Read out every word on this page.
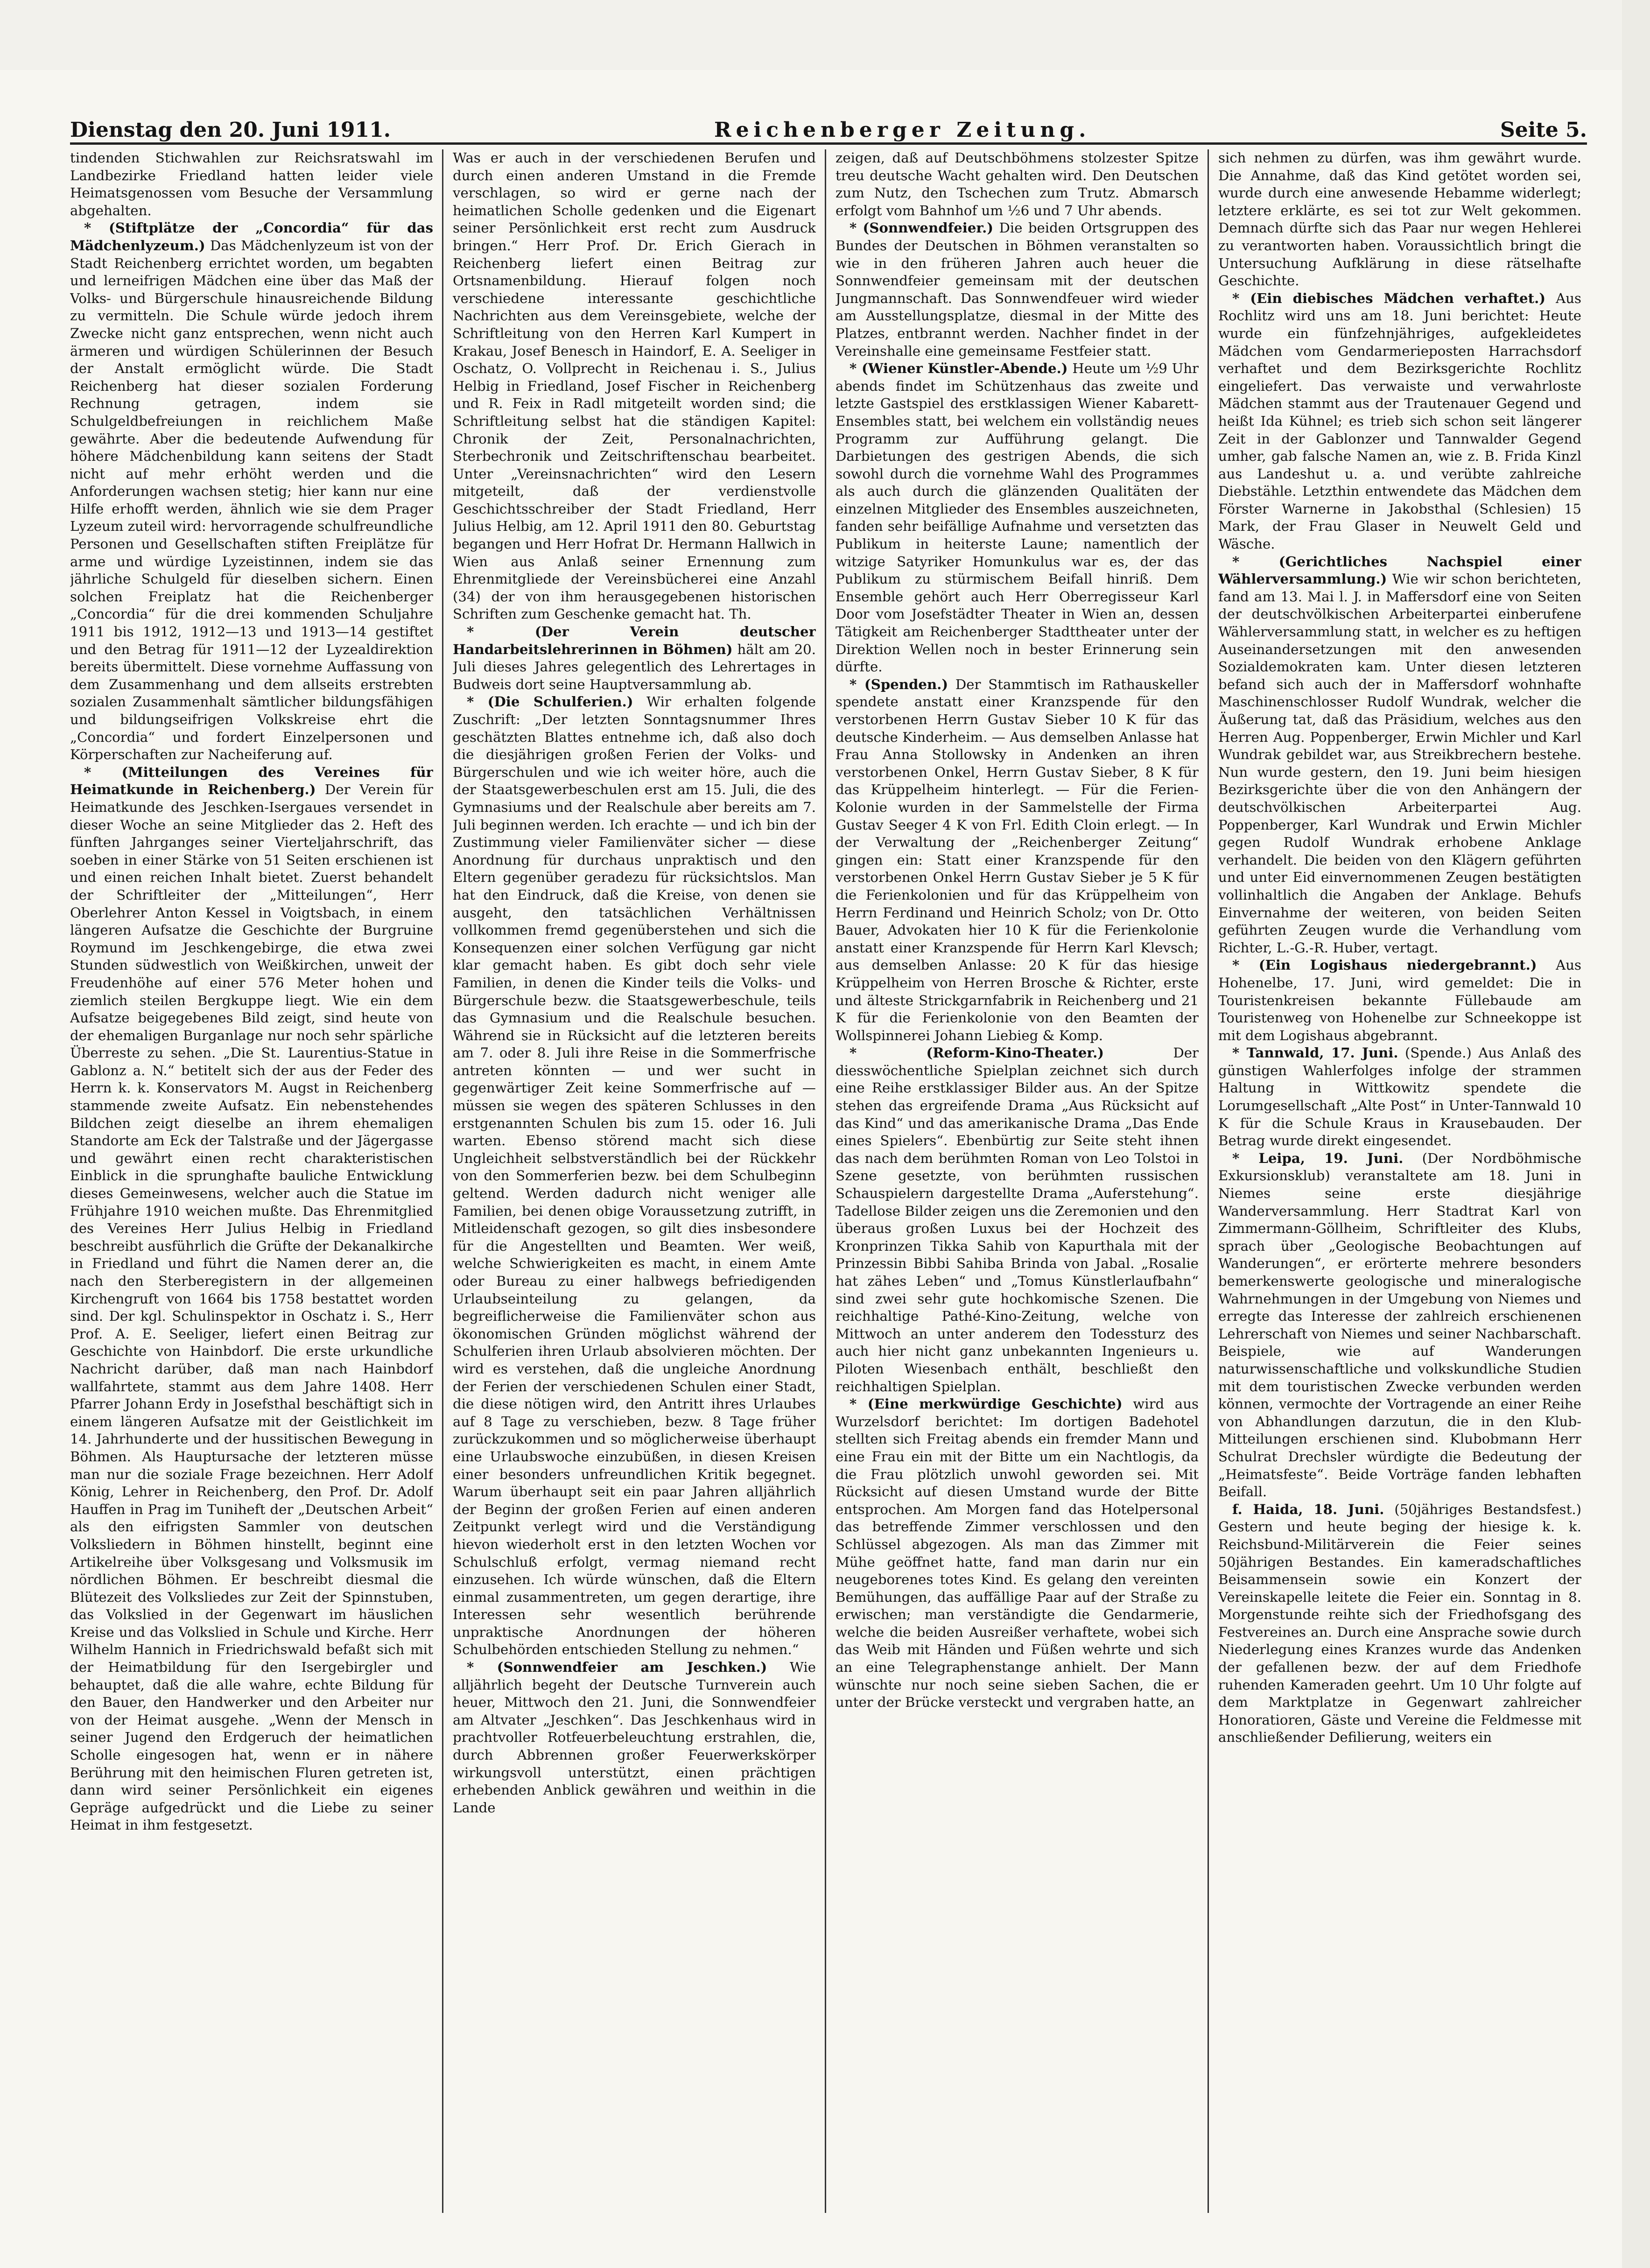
Dienstag den 20. Juni 1911.	Reichenberger Zeitung.	Seite 5.

tindenden Stichwahlen zur Reichsratswahl im Landbezirke Friedland hatten leider viele Heimatsgenossen vom Besuche der Versammlung abgehalten.

* (Stiftplätze der „Concordia“ für das Mädchenlyzeum.) Das Mädchenlyzeum ist von der Stadt Reichenberg errichtet worden, um begabten und lerneifrigen Mädchen eine über das Maß der Volks- und Bürgerschule hinausreichende Bildung zu vermitteln. Die Schule würde jedoch ihrem Zwecke nicht ganz entsprechen, wenn nicht auch ärmeren und würdigen Schülerinnen der Besuch der Anstalt ermöglicht würde. Die Stadt Reichenberg hat dieser sozialen Forderung Rechnung getragen, indem sie Schulgeldbefreiungen in reichlichem Maße gewährte. Aber die bedeutende Aufwendung für höhere Mädchenbildung kann seitens der Stadt nicht auf mehr erhöht werden und die Anforderungen wachsen stetig; hier kann nur eine Hilfe erhofft werden, ähnlich wie sie dem Prager Lyzeum zuteil wird: hervorragende schulfreundliche Personen und Gesellschaften stiften Freiplätze für arme und würdige Lyzeistinnen, indem sie das jährliche Schulgeld für dieselben sichern. Einen solchen Freiplatz hat die Reichenberger „Concordia“ für die drei kommenden Schuljahre 1911 bis 1912, 1912—13 und 1913—14 gestiftet und den Betrag für 1911—12 der Lyzealdirektion bereits übermittelt. Diese vornehme Auffassung von dem Zusammenhang und dem allseits erstrebten sozialen Zusammenhalt sämtlicher bildungsfähigen und bildungseifrigen Volkskreise ehrt die „Concordia“ und fordert Einzelpersonen und Körperschaften zur Nacheiferung auf.

* (Mitteilungen des Vereines für Heimatkunde in Reichenberg.) Der Verein für Heimatkunde des Jeschken-Isergaues versendet in dieser Woche an seine Mitglieder das 2. Heft des fünften Jahrganges seiner Vierteljahrschrift, das soeben in einer Stärke von 51 Seiten erschienen ist und einen reichen Inhalt bietet. Zuerst behandelt der Schriftleiter der „Mitteilungen“, Herr Oberlehrer Anton Kessel in Voigtsbach, in einem längeren Aufsatze die Geschichte der Burgruine Roymund im Jeschkengebirge, die etwa zwei Stunden südwestlich von Weißkirchen, unweit der Freudenhöhe auf einer 576 Meter hohen und ziemlich steilen Bergkuppe liegt. Wie ein dem Aufsatze beigegebenes Bild zeigt, sind heute von der ehemaligen Burganlage nur noch sehr spärliche Überreste zu sehen. „Die St. Laurentius-Statue in Gablonz a. N.“ betitelt sich der aus der Feder des Herrn k. k. Konservators M. Augst in Reichenberg stammende zweite Aufsatz. Ein nebenstehendes Bildchen zeigt dieselbe an ihrem ehemaligen Standorte am Eck der Talstraße und der Jägergasse und gewährt einen recht charakteristischen Einblick in die sprunghafte bauliche Entwicklung dieses Gemeinwesens, welcher auch die Statue im Frühjahre 1910 weichen mußte. Das Ehrenmitglied des Vereines Herr Julius Helbig in Friedland beschreibt ausführlich die Grüfte der Dekanalkirche in Friedland und führt die Namen derer an, die nach den Sterberegistern in der allgemeinen Kirchengruft von 1664 bis 1758 bestattet worden sind. Der kgl. Schulinspektor in Oschatz i. S., Herr Prof. A. E. Seeliger, liefert einen Beitrag zur Geschichte von Hainbdorf. Die erste urkundliche Nachricht darüber, daß man nach Hainbdorf wallfahrtete, stammt aus dem Jahre 1408. Herr Pfarrer Johann Erdy in Josefsthal beschäftigt sich in einem längeren Aufsatze mit der Geistlichkeit im 14. Jahrhunderte und der hussitischen Bewegung in Böhmen. Als Hauptursache der letzteren müsse man nur die soziale Frage bezeichnen. Herr Adolf König, Lehrer in Reichenberg, den Prof. Dr. Adolf Hauffen in Prag im Tuniheft der „Deutschen Arbeit“ als den eifrigsten Sammler von deutschen Volksliedern in Böhmen hinstellt, beginnt eine Artikelreihe über Volksgesang und Volksmusik im nördlichen Böhmen. Er beschreibt diesmal die Blütezeit des Volksliedes zur Zeit der Spinnstuben, das Volkslied in der Gegenwart im häuslichen Kreise und das Volkslied in Schule und Kirche. Herr Wilhelm Hannich in Friedrichswald befaßt sich mit der Heimatbildung für den Isergebirgler und behauptet, daß die alle wahre, echte Bildung für den Bauer, den Handwerker und den Arbeiter nur von der Heimat ausgehe. „Wenn der Mensch in seiner Jugend den Erdgeruch der heimatlichen Scholle eingesogen hat, wenn er in nähere Berührung mit den heimischen Fluren getreten ist, dann wird seiner Persönlichkeit ein eigenes Gepräge aufgedrückt und die Liebe zu seiner Heimat in ihm festgesetzt.

Was er auch in der verschiedenen Berufen und durch einen anderen Umstand in die Fremde verschlagen, so wird er gerne nach der heimatlichen Scholle gedenken und die Eigenart seiner Persönlichkeit erst recht zum Ausdruck bringen.“ Herr Prof. Dr. Erich Gierach in Reichenberg liefert einen Beitrag zur Ortsnamenbildung. Hierauf folgen noch verschiedene interessante geschichtliche Nachrichten aus dem Vereinsgebiete, welche der Schriftleitung von den Herren Karl Kumpert in Krakau, Josef Benesch in Haindorf, E. A. Seeliger in Oschatz, O. Vollprecht in Reichenau i. S., Julius Helbig in Friedland, Josef Fischer in Reichenberg und R. Feix in Radl mitgeteilt worden sind; die Schriftleitung selbst hat die ständigen Kapitel: Chronik der Zeit, Personalnachrichten, Sterbechronik und Zeitschriftenschau bearbeitet. Unter „Vereinsnachrichten“ wird den Lesern mitgeteilt, daß der verdienstvolle Geschichtsschreiber der Stadt Friedland, Herr Julius Helbig, am 12. April 1911 den 80. Geburtstag begangen und Herr Hofrat Dr. Hermann Hallwich in Wien aus Anlaß seiner Ernennung zum Ehrenmitgliede der Vereinsbücherei eine Anzahl (34) der von ihm herausgegebenen historischen Schriften zum Geschenke gemacht hat. Th.

* (Der Verein deutscher Handarbeitslehrerinnen in Böhmen) hält am 20. Juli dieses Jahres gelegentlich des Lehrertages in Budweis dort seine Hauptversammlung ab.

* (Die Schulferien.) Wir erhalten folgende Zuschrift: „Der letzten Sonntagsnummer Ihres geschätzten Blattes entnehme ich, daß also doch die diesjährigen großen Ferien der Volks- und Bürgerschulen und wie ich weiter höre, auch die der Staatsgewerbeschulen erst am 15. Juli, die des Gymnasiums und der Realschule aber bereits am 7. Juli beginnen werden. Ich erachte — und ich bin der Zustimmung vieler Familienväter sicher — diese Anordnung für durchaus unpraktisch und den Eltern gegenüber geradezu für rücksichtslos. Man hat den Eindruck, daß die Kreise, von denen sie ausgeht, den tatsächlichen Verhältnissen vollkommen fremd gegenüberstehen und sich die Konsequenzen einer solchen Verfügung gar nicht klar gemacht haben. Es gibt doch sehr viele Familien, in denen die Kinder teils die Volks- und Bürgerschule bezw. die Staatsgewerbeschule, teils das Gymnasium und die Realschule besuchen. Während sie in Rücksicht auf die letzteren bereits am 7. oder 8. Juli ihre Reise in die Sommerfrische antreten könnten — und wer sucht in gegenwärtiger Zeit keine Sommerfrische auf — müssen sie wegen des späteren Schlusses in den erstgenannten Schulen bis zum 15. oder 16. Juli warten. Ebenso störend macht sich diese Ungleichheit selbstverständlich bei der Rückkehr von den Sommerferien bezw. bei dem Schulbeginn geltend. Werden dadurch nicht weniger alle Familien, bei denen obige Voraussetzung zutrifft, in Mitleidenschaft gezogen, so gilt dies insbesondere für die Angestellten und Beamten. Wer weiß, welche Schwierigkeiten es macht, in einem Amte oder Bureau zu einer halbwegs befriedigenden Urlaubseinteilung zu gelangen, da begreiflicherweise die Familienväter schon aus ökonomischen Gründen möglichst während der Schulferien ihren Urlaub absolvieren möchten. Der wird es verstehen, daß die ungleiche Anordnung der Ferien der verschiedenen Schulen einer Stadt, die diese nötigen wird, den Antritt ihres Urlaubes auf 8 Tage zu verschieben, bezw. 8 Tage früher zurückzukommen und so möglicherweise überhaupt eine Urlaubswoche einzubüßen, in diesen Kreisen einer besonders unfreundlichen Kritik begegnet. Warum überhaupt seit ein paar Jahren alljährlich der Beginn der großen Ferien auf einen anderen Zeitpunkt verlegt wird und die Verständigung hievon wiederholt erst in den letzten Wochen vor Schulschluß erfolgt, vermag niemand recht einzusehen. Ich würde wünschen, daß die Eltern einmal zusammentreten, um gegen derartige, ihre Interessen sehr wesentlich berührende unpraktische Anordnungen der höheren Schulbehörden entschieden Stellung zu nehmen.“

* (Sonnwendfeier am Jeschken.) Wie alljährlich begeht der Deutsche Turnverein auch heuer, Mittwoch den 21. Juni, die Sonnwendfeier am Altvater „Jeschken“. Das Jeschkenhaus wird in prachtvoller Rotfeuerbeleuchtung erstrahlen, die, durch Abbrennen großer Feuerwerkskörper wirkungsvoll unterstützt, einen prächtigen erhebenden Anblick gewähren und weithin in die Lande

zeigen, daß auf Deutschböhmens stolzester Spitze treu deutsche Wacht gehalten wird. Den Deutschen zum Nutz, den Tschechen zum Trutz. Abmarsch erfolgt vom Bahnhof um ½6 und 7 Uhr abends.

* (Sonnwendfeier.) Die beiden Ortsgruppen des Bundes der Deutschen in Böhmen veranstalten so wie in den früheren Jahren auch heuer die Sonnwendfeier gemeinsam mit der deutschen Jungmannschaft. Das Sonnwendfeuer wird wieder am Ausstellungsplatze, diesmal in der Mitte des Platzes, entbrannt werden. Nachher findet in der Vereinshalle eine gemeinsame Festfeier statt.

* (Wiener Künstler-Abende.) Heute um ½9 Uhr abends findet im Schützenhaus das zweite und letzte Gastspiel des erstklassigen Wiener Kabarett-Ensembles statt, bei welchem ein vollständig neues Programm zur Aufführung gelangt. Die Darbietungen des gestrigen Abends, die sich sowohl durch die vornehme Wahl des Programmes als auch durch die glänzenden Qualitäten der einzelnen Mitglieder des Ensembles auszeichneten, fanden sehr beifällige Aufnahme und versetzten das Publikum in heiterste Laune; namentlich der witzige Satyriker Homunkulus war es, der das Publikum zu stürmischem Beifall hinriß. Dem Ensemble gehört auch Herr Oberregisseur Karl Door vom Josefstädter Theater in Wien an, dessen Tätigkeit am Reichenberger Stadttheater unter der Direktion Wellen noch in bester Erinnerung sein dürfte.

* (Spenden.) Der Stammtisch im Rathauskeller spendete anstatt einer Kranzspende für den verstorbenen Herrn Gustav Sieber 10 K für das deutsche Kinderheim. — Aus demselben Anlasse hat Frau Anna Stollowsky in Andenken an ihren verstorbenen Onkel, Herrn Gustav Sieber, 8 K für das Krüppelheim hinterlegt. — Für die Ferien-Kolonie wurden in der Sammelstelle der Firma Gustav Seeger 4 K von Frl. Edith Cloin erlegt. — In der Verwaltung der „Reichenberger Zeitung“ gingen ein: Statt einer Kranzspende für den verstorbenen Onkel Herrn Gustav Sieber je 5 K für die Ferienkolonien und für das Krüppelheim von Herrn Ferdinand und Heinrich Scholz; von Dr. Otto Bauer, Advokaten hier 10 K für die Ferienkolonie anstatt einer Kranzspende für Herrn Karl Klevsch; aus demselben Anlasse: 20 K für das hiesige Krüppelheim von Herren Brosche & Richter, erste und älteste Strickgarnfabrik in Reichenberg und 21 K für die Ferienkolonie von den Beamten der Wollspinnerei Johann Liebieg & Komp.

* (Reform-Kino-Theater.) Der diesswöchentliche Spielplan zeichnet sich durch eine Reihe erstklassiger Bilder aus. An der Spitze stehen das ergreifende Drama „Aus Rücksicht auf das Kind“ und das amerikanische Drama „Das Ende eines Spielers“. Ebenbürtig zur Seite steht ihnen das nach dem berühmten Roman von Leo Tolstoi in Szene gesetzte, von berühmten russischen Schauspielern dargestellte Drama „Auferstehung“. Tadellose Bilder zeigen uns die Zeremonien und den überaus großen Luxus bei der Hochzeit des Kronprinzen Tikka Sahib von Kapurthala mit der Prinzessin Bibbi Sahiba Brinda von Jabal. „Rosalie hat zähes Leben“ und „Tomus Künstlerlaufbahn“ sind zwei sehr gute hochkomische Szenen. Die reichhaltige Pathé-Kino-Zeitung, welche von Mittwoch an unter anderem den Todessturz des auch hier nicht ganz unbekannten Ingenieurs u. Piloten Wiesenbach enthält, beschließt den reichhaltigen Spielplan.

* (Eine merkwürdige Geschichte) wird aus Wurzelsdorf berichtet: Im dortigen Badehotel stellten sich Freitag abends ein fremder Mann und eine Frau ein mit der Bitte um ein Nachtlogis, da die Frau plötzlich unwohl geworden sei. Mit Rücksicht auf diesen Umstand wurde der Bitte entsprochen. Am Morgen fand das Hotelpersonal das betreffende Zimmer verschlossen und den Schlüssel abgezogen. Als man das Zimmer mit Mühe geöffnet hatte, fand man darin nur ein neugeborenes totes Kind. Es gelang den vereinten Bemühungen, das auffällige Paar auf der Straße zu erwischen; man verständigte die Gendarmerie, welche die beiden Ausreißer verhaftete, wobei sich das Weib mit Händen und Füßen wehrte und sich an eine Telegraphenstange anhielt. Der Mann wünschte nur noch seine sieben Sachen, die er unter der Brücke versteckt und vergraben hatte, an

sich nehmen zu dürfen, was ihm gewährt wurde. Die Annahme, daß das Kind getötet worden sei, wurde durch eine anwesende Hebamme widerlegt; letztere erklärte, es sei tot zur Welt gekommen. Demnach dürfte sich das Paar nur wegen Hehlerei zu verantworten haben. Voraussichtlich bringt die Untersuchung Aufklärung in diese rätselhafte Geschichte.

* (Ein diebisches Mädchen verhaftet.) Aus Rochlitz wird uns am 18. Juni berichtet: Heute wurde ein fünfzehnjähriges, aufgekleidetes Mädchen vom Gendarmerieposten Harrachsdorf verhaftet und dem Bezirksgerichte Rochlitz eingeliefert. Das verwaiste und verwahrloste Mädchen stammt aus der Trautenauer Gegend und heißt Ida Kühnel; es trieb sich schon seit längerer Zeit in der Gablonzer und Tannwalder Gegend umher, gab falsche Namen an, wie z. B. Frida Kinzl aus Landeshut u. a. und verübte zahlreiche Diebstähle. Letzthin entwendete das Mädchen dem Förster Warnerne in Jakobsthal (Schlesien) 15 Mark, der Frau Glaser in Neuwelt Geld und Wäsche.

* (Gerichtliches Nachspiel einer Wählerversammlung.) Wie wir schon berichteten, fand am 13. Mai l. J. in Maffersdorf eine von Seiten der deutschvölkischen Arbeiterpartei einberufene Wählerversammlung statt, in welcher es zu heftigen Auseinandersetzungen mit den anwesenden Sozialdemokraten kam. Unter diesen letzteren befand sich auch der in Maffersdorf wohnhafte Maschinenschlosser Rudolf Wundrak, welcher die Äußerung tat, daß das Präsidium, welches aus den Herren Aug. Poppenberger, Erwin Michler und Karl Wundrak gebildet war, aus Streikbrechern bestehe. Nun wurde gestern, den 19. Juni beim hiesigen Bezirksgerichte über die von den Anhängern der deutschvölkischen Arbeiterpartei Aug. Poppenberger, Karl Wundrak und Erwin Michler gegen Rudolf Wundrak erhobene Anklage verhandelt. Die beiden von den Klägern geführten und unter Eid einvernommenen Zeugen bestätigten vollinhaltlich die Angaben der Anklage. Behufs Einvernahme der weiteren, von beiden Seiten geführten Zeugen wurde die Verhandlung vom Richter, L.-G.-R. Huber, vertagt.

* (Ein Logishaus niedergebrannt.) Aus Hohenelbe, 17. Juni, wird gemeldet: Die in Touristenkreisen bekannte Füllebaude am Touristenweg von Hohenelbe zur Schneekoppe ist mit dem Logishaus abgebrannt.

* Tannwald, 17. Juni. (Spende.) Aus Anlaß des günstigen Wahlerfolges infolge der strammen Haltung in Wittkowitz spendete die Lorumgesellschaft „Alte Post“ in Unter-Tannwald 10 K für die Schule Kraus in Krausebauden. Der Betrag wurde direkt eingesendet.

* Leipa, 19. Juni. (Der Nordböhmische Exkursionsklub) veranstaltete am 18. Juni in Niemes seine erste diesjährige Wanderversammlung. Herr Stadtrat Karl von Zimmermann-Göllheim, Schriftleiter des Klubs, sprach über „Geologische Beobachtungen auf Wanderungen“, er erörterte mehrere besonders bemerkenswerte geologische und mineralogische Wahrnehmungen in der Umgebung von Niemes und erregte das Interesse der zahlreich erschienenen Lehrerschaft von Niemes und seiner Nachbarschaft. Beispiele, wie auf Wanderungen naturwissenschaftliche und volkskundliche Studien mit dem touristischen Zwecke verbunden werden können, vermochte der Vortragende an einer Reihe von Abhandlungen darzutun, die in den Klub-Mitteilungen erschienen sind. Klubobmann Herr Schulrat Drechsler würdigte die Bedeutung der „Heimatsfeste“. Beide Vorträge fanden lebhaften Beifall.

f. Haida, 18. Juni. (50jähriges Bestandsfest.) Gestern und heute beging der hiesige k. k. Reichsbund-Militärverein die Feier seines 50jährigen Bestandes. Ein kameradschaftliches Beisammensein sowie ein Konzert der Vereinskapelle leitete die Feier ein. Sonntag in 8. Morgenstunde reihte sich der Friedhofsgang des Festvereines an. Durch eine Ansprache sowie durch Niederlegung eines Kranzes wurde das Andenken der gefallenen bezw. der auf dem Friedhofe ruhenden Kameraden geehrt. Um 10 Uhr folgte auf dem Marktplatze in Gegenwart zahlreicher Honoratioren, Gäste und Vereine die Feldmesse mit anschließender Defilierung, weiters ein
